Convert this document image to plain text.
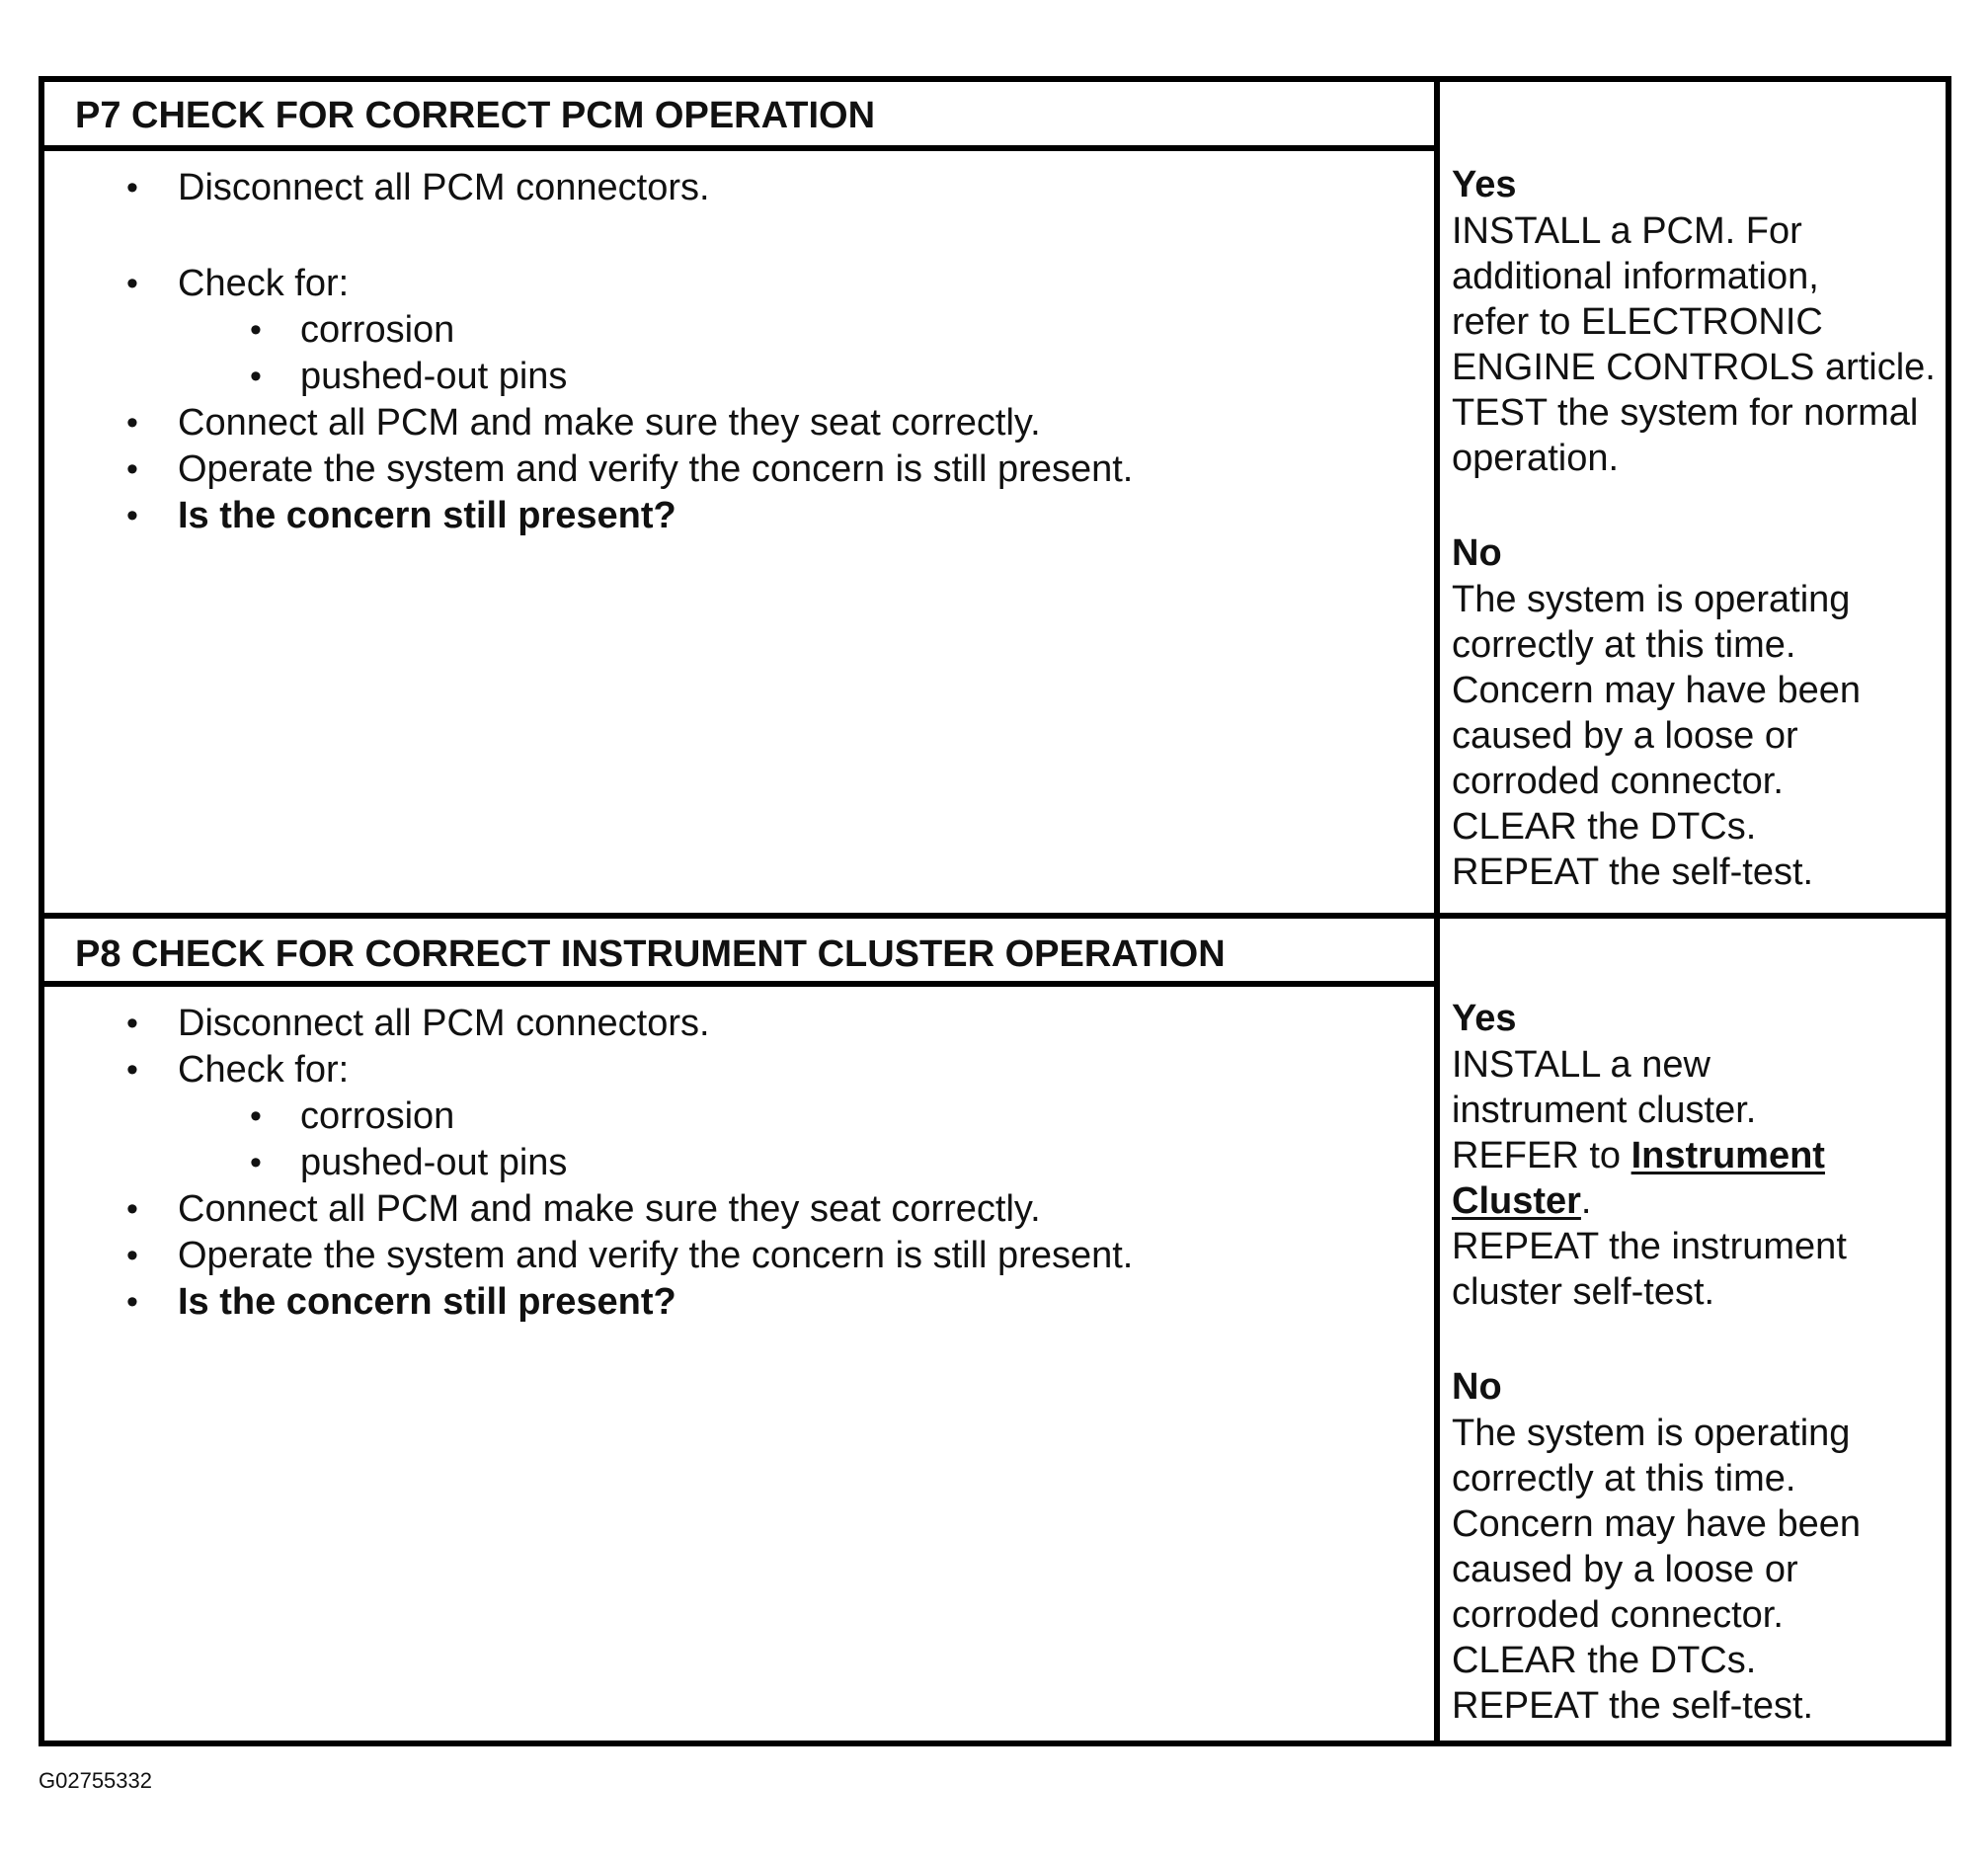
P7 CHECK FOR CORRECT PCM OPERATION
• Disconnect all PCM connectors.
• Check for:
• corrosion
• pushed-out pins
• Connect all PCM and make sure they seat correctly.
• Operate the system and verify the concern is still present.
• Is the concern still present?
Yes
INSTALL a PCM. For
additional information,
refer to ELECTRONIC
ENGINE CONTROLS article.
TEST the system for normal
operation.
No
The system is operating
correctly at this time.
Concern may have been
caused by a loose or
corroded connector.
CLEAR the DTCs.
REPEAT the self-test.
P8 CHECK FOR CORRECT INSTRUMENT CLUSTER OPERATION
• Disconnect all PCM connectors.
• Check for:
• corrosion
• pushed-out pins
• Connect all PCM and make sure they seat correctly.
• Operate the system and verify the concern is still present.
• Is the concern still present?
Yes
INSTALL a new
instrument cluster.
REFER to Instrument
Cluster.
REPEAT the instrument
cluster self-test.
No
The system is operating
correctly at this time.
Concern may have been
caused by a loose or
corroded connector.
CLEAR the DTCs.
REPEAT the self-test.
G02755332
